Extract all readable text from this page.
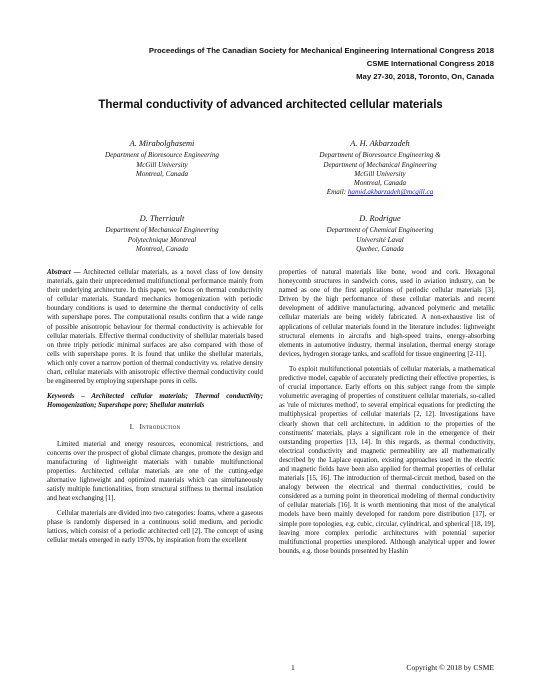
Proceedings of The Canadian Society for Mechanical Engineering International Congress 2018
CSME International Congress 2018
May 27-30, 2018, Toronto, On, Canada
Thermal conductivity of advanced architected cellular materials
A. Mirabolghasemi
Department of Bioresource Engineering
McGill University
Montreal, Canada
A. H. Akbarzadeh
Department of Bioresource Engineering &
Department of Mechanical Engineering
McGill University
Montreal, Canada
Email: hamid.akbarzadeh@mcgill.ca
D. Therriault
Department of Mechanical Engineering
Polytechnique Montreal
Montreal, Canada
D. Rodrigue
Department of Chemical Engineering
Université Laval
Quebec, Canada

Abstract — Architected cellular materials, as a novel class of low density materials, gain their unprecedented multifunctional performance mainly from their underlying architecture. In this paper, we focus on thermal conductivity of cellular materials. Standard mechanics homogenization with periodic boundary conditions is used to determine the thermal conductivity of cells with supershape pores. The computational results confirm that a wide range of possible anisotropic behaviour for thermal conductivity is achievable for cellular materials. Effective thermal conductivity of shellular materials based on three triply periodic minimal surfaces are also compared with those of cells with supershape pores. It is found that unlike the shellular materials, which only cover a narrow portion of thermal conductivity vs. relative density chart, cellular materials with anisotropic effective thermal conductivity could be engineered by employing supershape pores in cells.

Keywords – Architected cellular materials; Thermal conductivity; Homogenization; Supershape pore; Shellular materials

I. Introduction

Limited material and energy resources, economical restrictions, and concerns over the prospect of global climate changes, promote the design and manufacturing of lightweight materials with tunable multifunctional properties. Architected cellular materials are one of the cutting-edge alternative lightweight and optimized materials which can simultaneously satisfy multiple functionalities, from structural stiffness to thermal insulation and heat exchanging [1].

Cellular materials are divided into two categories: foams, where a gaseous phase is randomly dispersed in a continuous solid medium, and periodic lattices, which consist of a periodic architected cell [2]. The concept of using cellular metals emerged in early 1970s, by inspiration from the excellent

properties of natural materials like bone, wood and cork. Hexagonal honeycomb structures in sandwich cores, used in aviation industry, can be named as one of the first applications of periodic cellular materials [3]. Driven by the high performance of these cellular materials and recent development of additive manufacturing, advanced polymeric and metallic cellular materials are being widely fabricated. A non-exhaustive list of applications of cellular materials found in the literature includes: lightweight structural elements in aircrafts and high-speed trains, energy-absorbing elements in automotive industry, thermal insulation, thermal energy storage devices, hydrogen storage tanks, and scaffold for tissue engineering [2-11].

To exploit multifunctional potentials of cellular materials, a mathematical predictive model, capable of accurately predicting their effective properties, is of crucial importance. Early efforts on this subject range from the simple volumetric averaging of properties of constituent cellular materials, so-called as 'rule of mixtures method', to several empirical equations for predicting the multiphysical properties of cellular materials [2, 12]. Investigations have clearly shown that cell architecture, in addition to the properties of the constituents' materials, plays a significant role in the emergence of their outstanding properties [13, 14]. In this regards, as thermal conductivity, electrical conductivity and magnetic permeability are all mathematically described by the Laplace equation, existing approaches used in the electric and magnetic fields have been also applied for thermal properties of cellular materials [15, 16]. The introduction of thermal-circuit method, based on the analogy between the electrical and thermal conductivities, could be considered as a turning point in theoretical modeling of thermal conductivity of cellular materials [16]. It is worth mentioning that most of the analytical models have been mainly developed for random pore distribution [17], or simple pore topologies, e.g. cubic, circular, cylindrical, and spherical [18, 19], leaving more complex periodic architectures with potential superior multifunctional properties unexplored. Although analytical upper and lower bounds, e.g. those bounds presented by Hashin

1	Copyright © 2018 by CSME
